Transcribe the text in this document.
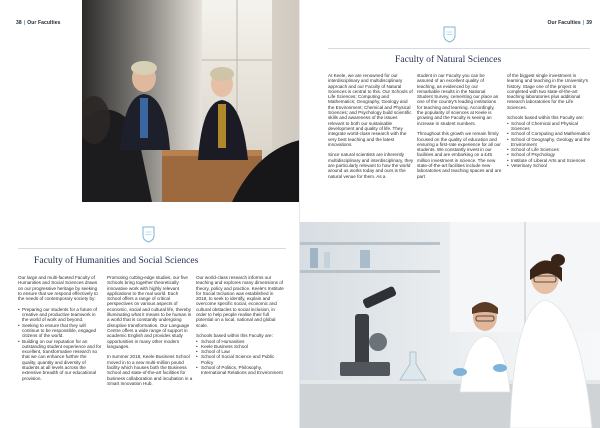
38 | Our Faculties
Faculty of Humanities and Social Sciences

Our large and multi-faceted Faculty of Humanities and Social Sciences draws on our progressive heritage by seeking to ensure that we respond effectively to the needs of contemporary society by:

• Preparing our students for a future of creative and productive teamwork in the world of work and beyond.
• Seeking to ensure that they will continue to be responsible, engaged citizens of the world.
• Building on our reputation for an outstanding student experience and for excellent, transformative research so that we can enhance further the quality, quantity and diversity of students at all levels across the extensive breadth of our educational provision.

Promoting cutting-edge studies, our five Schools bring together theoretically innovative work with highly relevant applications to the real world. Each School offers a range of critical perspectives on various aspects of economic, social and cultural life, thereby illuminating what it means to be human in a world that is constantly undergoing disruptive transformation. Our Language Centre offers a wide range of support in academic English and provides study opportunities in many other modern languages.

In summer 2018, Keele Business School moved in to a new multi-million pound facility which houses both the Business School and state-of-the-art facilities for business collaboration and incubation in a Smart Innovation Hub.

Our world-class research informs our teaching and explores many dimensions of theory, policy and practice. Keele's Institute for Social Inclusion was established in 2018, to seek to identify, explain and overcome specific social, economic and cultural obstacles to social inclusion, in order to help people realise their full potential on a local, national and global scale.

Schools based within this Faculty are:

• School of Humanities
• Keele Business School
• School of Law
• School of Social Science and Public Policy
• School of Politics, Philosophy, International Relations and Environment
Our Faculties | 39
Faculty of Natural Sciences

At Keele, we are renowned for our interdisciplinary and multidisciplinary approach and our Faculty of Natural Sciences is central to this. Our Schools of Life Sciences; Computing and Mathematics; Geography, Geology and the Environment; Chemical and Physical Sciences; and Psychology build scientific skills and awareness of the issues relevant to both our sustainable development and quality of life. They integrate world-class research with the very best teaching and the latest innovations.

Since natural scientists are inherently multidisciplinary and interdisciplinary, they are particularly relevant to how the world around us works today and ours is the natural venue for them. As a

student in our Faculty you can be assured of an excellent quality of teaching, as evidenced by our remarkable results in the National Student Survey, cementing our place as one of the country's leading institutions for teaching and learning. Accordingly, the popularity of sciences at Keele is growing and the Faculty is seeing an increase in student numbers.

Throughout this growth we remain firmly focused on the quality of education and ensuring a first-rate experience for all our students. We constantly invest in our facilities and are embarking on a £45 million investment in science. The new state-of-the-art facilities include new laboratories and teaching spaces and are part

of the biggest single investment in learning and teaching in the University's history. Stage one of the project is completed with two state-of-the-art teaching laboratories plus additional research laboratories for the Life Sciences.

Schools based within this Faculty are:

• School of Chemical and Physical Sciences
• School of Computing and Mathematics
• School of Geography, Geology and the Environment
• School of Life Sciences
• School of Psychology
• Institute of Liberal Arts and Sciences
• Veterinary School
